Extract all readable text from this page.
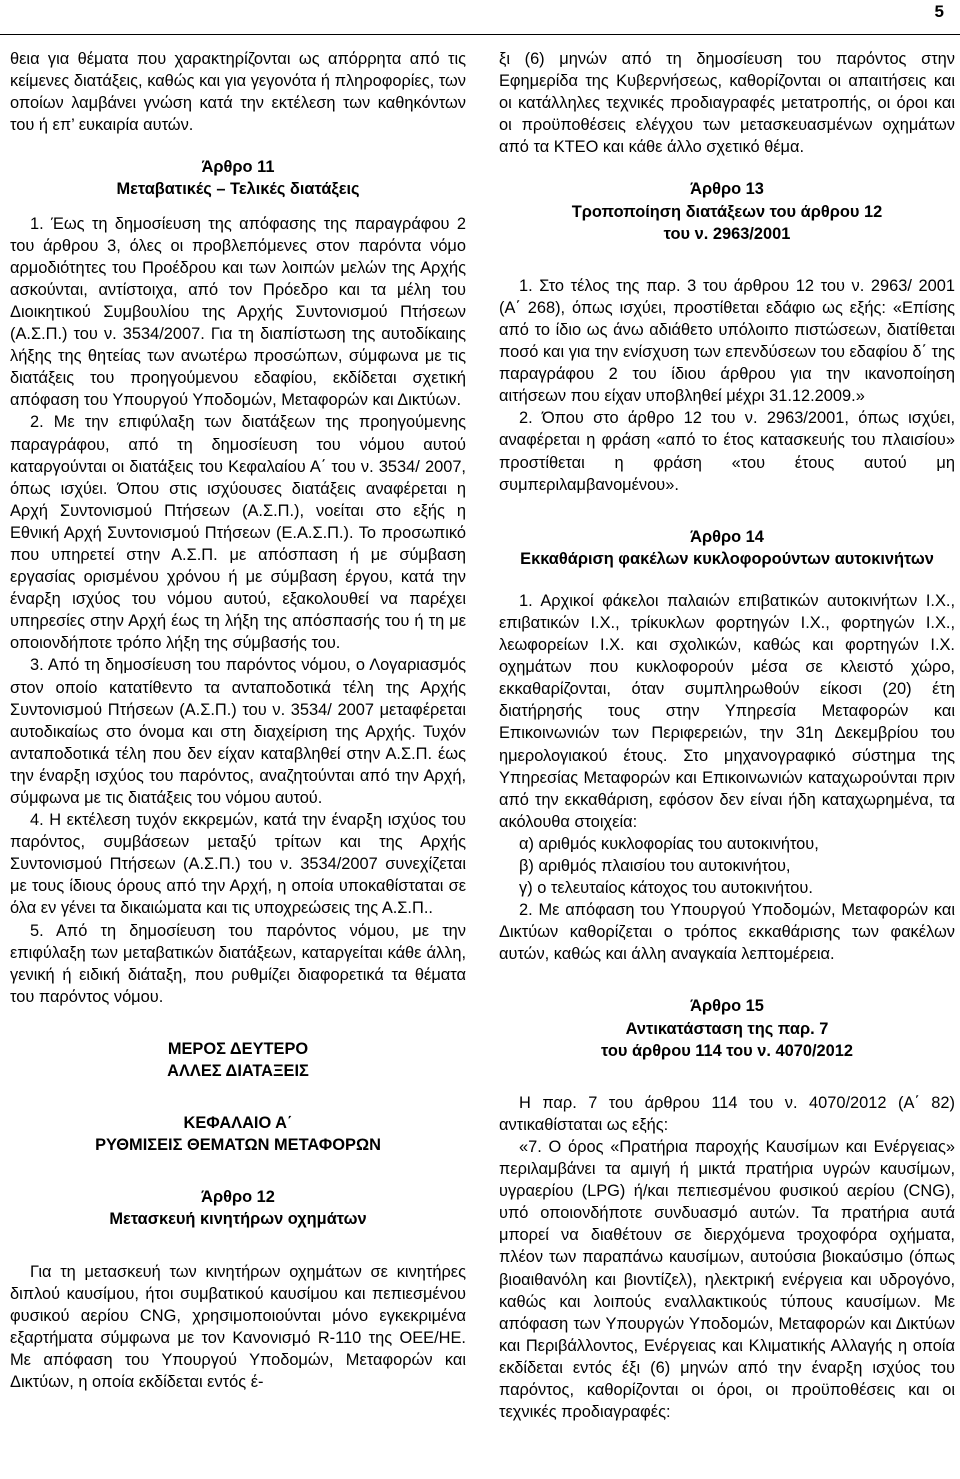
5

θεια για θέματα που χαρακτηρίζονται ως απόρρητα από τις κείμενες διατάξεις, καθώς και για γεγονότα ή πληροφορίες, των οποίων λαμβάνει γνώση κατά την εκτέλεση των καθηκόντων του ή επ’ ευκαιρία αυτών.

Άρθρο 11
Μεταβατικές – Τελικές διατάξεις

1. Έως τη δημοσίευση της απόφασης της παραγράφου 2 του άρθρου 3, όλες οι προβλεπόμενες στον παρόντα νόμο αρμοδιότητες του Προέδρου και των λοιπών μελών της Αρχής ασκούνται, αντίστοιχα, από τον Πρόεδρο και τα μέλη του Διοικητικού Συμβουλίου της Αρχής Συντονισμού Πτήσεων (Α.Σ.Π.) του ν. 3534/2007. Για τη διαπίστωση της αυτοδίκαιης λήξης της θητείας των ανωτέρω προσώπων, σύμφωνα με τις διατάξεις του προηγούμενου εδαφίου, εκδίδεται σχετική απόφαση του Υπουργού Υποδομών, Μεταφορών και Δικτύων.

2. Με την επιφύλαξη των διατάξεων της προηγούμενης παραγράφου, από τη δημοσίευση του νόμου αυτού καταργούνται οι διατάξεις του Κεφαλαίου Α΄ του ν. 3534/ 2007, όπως ισχύει. Όπου στις ισχύουσες διατάξεις αναφέρεται η Αρχή Συντονισμού Πτήσεων (Α.Σ.Π.), νοείται στο εξής η Εθνική Αρχή Συντονισμού Πτήσεων (Ε.Α.Σ.Π.). Το προσωπικό που υπηρετεί στην Α.Σ.Π. με απόσπαση ή με σύμβαση εργασίας ορισμένου χρόνου ή με σύμβαση έργου, κατά την έναρξη ισχύος του νόμου αυτού, εξακολουθεί να παρέχει υπηρεσίες στην Αρχή έως τη λήξη της απόσπασής του ή τη με οποιονδήποτε τρόπο λήξη της σύμβασής του.

3. Από τη δημοσίευση του παρόντος νόμου, ο Λογαριασμός στον οποίο κατατίθεντο τα ανταποδοτικά τέλη της Αρχής Συντονισμού Πτήσεων (Α.Σ.Π.) του ν. 3534/ 2007 μεταφέρεται αυτοδικαίως στο όνομα και στη διαχείριση της Αρχής. Τυχόν ανταποδοτικά τέλη που δεν είχαν καταβληθεί στην Α.Σ.Π. έως την έναρξη ισχύος του παρόντος, αναζητούνται από την Αρχή, σύμφωνα με τις διατάξεις του νόμου αυτού.

4. Η εκτέλεση τυχόν εκκρεμών, κατά την έναρξη ισχύος του παρόντος, συμβάσεων μεταξύ τρίτων και της Αρχής Συντονισμού Πτήσεων (Α.Σ.Π.) του ν. 3534/2007 συνεχίζεται με τους ίδιους όρους από την Αρχή, η οποία υποκαθίσταται σε όλα εν γένει τα δικαιώματα και τις υποχρεώσεις της Α.Σ.Π..

5. Από τη δημοσίευση του παρόντος νόμου, με την επιφύλαξη των μεταβατικών διατάξεων, καταργείται κάθε άλλη, γενική ή ειδική διάταξη, που ρυθμίζει διαφορετικά τα θέματα του παρόντος νόμου.

ΜΕΡΟΣ ΔΕΥΤΕΡΟ
ΑΛΛΕΣ ΔΙΑΤΑΞΕΙΣ
ΚΕΦΑΛΑΙΟ Α΄
ΡΥΘΜΙΣΕΙΣ ΘΕΜΑΤΩΝ ΜΕΤΑΦΟΡΩΝ
Άρθρο 12
Μετασκευή κινητήρων οχημάτων

Για τη μετασκευή των κινητήρων οχημάτων σε κινητήρες διπλού καυσίμου, ήτοι συμβατικού καυσίμου και πεπιεσμένου φυσικού αερίου CNG, χρησιμοποιούνται μόνο εγκεκριμένα εξαρτήματα σύμφωνα με τον Κανονισμό R-110 της ΟΕΕ/ΗΕ. Με απόφαση του Υπουργού Υποδομών, Μεταφορών και Δικτύων, η οποία εκδίδεται εντός έ-

ξι (6) μηνών από τη δημοσίευση του παρόντος στην Εφημερίδα της Κυβερνήσεως, καθορίζονται οι απαιτήσεις και οι κατάλληλες τεχνικές προδιαγραφές μετατροπής, οι όροι και οι προϋποθέσεις ελέγχου των μετασκευασμένων οχημάτων από τα ΚΤΕΟ και κάθε άλλο σχετικό θέμα.

Άρθρο 13
Τροποποίηση διατάξεων του άρθρου 12
του ν. 2963/2001

1. Στο τέλος της παρ. 3 του άρθρου 12 του ν. 2963/ 2001 (Α΄ 268), όπως ισχύει, προστίθεται εδάφιο ως εξής: «Επίσης από το ίδιο ως άνω αδιάθετο υπόλοιπο πιστώσεων, διατίθεται ποσό και για την ενίσχυση των επενδύσεων του εδαφίου δ΄ της παραγράφου 2 του ίδιου άρθρου για την ικανοποίηση αιτήσεων που είχαν υποβληθεί μέχρι 31.12.2009.»

2. Όπου στο άρθρο 12 του ν. 2963/2001, όπως ισχύει, αναφέρεται η φράση «από το έτος κατασκευής του πλαισίου» προστίθεται η φράση «του έτους αυτού μη συμπεριλαμβανομένου».

Άρθρο 14
Εκκαθάριση φακέλων κυκλοφορούντων αυτοκινήτων

1. Αρχικοί φάκελοι παλαιών επιβατικών αυτοκινήτων Ι.Χ., επιβατικών Ι.Χ., τρίκυκλων φορτηγών Ι.Χ., φορτηγών Ι.Χ., λεωφορείων Ι.Χ. και σχολικών, καθώς και φορτηγών Ι.Χ. οχημάτων που κυκλοφορούν μέσα σε κλειστό χώρο, εκκαθαρίζονται, όταν συμπληρωθούν είκοσι (20) έτη διατήρησής τους στην Υπηρεσία Μεταφορών και Επικοινωνιών των Περιφερειών, την 31η Δεκεμβρίου του ημερολογιακού έτους. Στο μηχανογραφικό σύστημα της Υπηρεσίας Μεταφορών και Επικοινωνιών καταχωρούνται πριν από την εκκαθάριση, εφόσον δεν είναι ήδη καταχωρημένα, τα ακόλουθα στοιχεία:

α) αριθμός κυκλοφορίας του αυτοκινήτου,

β) αριθμός πλαισίου του αυτοκινήτου,

γ) ο τελευταίος κάτοχος του αυτοκινήτου.

2. Με απόφαση του Υπουργού Υποδομών, Μεταφορών και Δικτύων καθορίζεται ο τρόπος εκκαθάρισης των φακέλων αυτών, καθώς και άλλη αναγκαία λεπτομέρεια.

Άρθρο 15
Αντικατάσταση της παρ. 7
του άρθρου 114 του ν. 4070/2012

Η παρ. 7 του άρθρου 114 του ν. 4070/2012 (Α΄ 82) αντικαθίσταται ως εξής:

«7. Ο όρος «Πρατήρια παροχής Καυσίμων και Ενέργειας» περιλαμβάνει τα αμιγή ή μικτά πρατήρια υγρών καυσίμων, υγραερίου (LPG) ή/και πεπιεσμένου φυσικού αερίου (CNG), υπό οποιονδήποτε συνδυασμό αυτών. Τα πρατήρια αυτά μπορεί να διαθέτουν σε διερχόμενα τροχοφόρα οχήματα, πλέον των παραπάνω καυσίμων, αυτούσια βιοκαύσιμο (όπως βιοαιθανόλη και βιοντίζελ), ηλεκτρική ενέργεια και υδρογόνο, καθώς και λοιπούς εναλλακτικούς τύπους καυσίμων. Με απόφαση των Υπουργών Υποδομών, Μεταφορών και Δικτύων και Περιβάλλοντος, Ενέργειας και Κλιματικής Αλλαγής η οποία εκδίδεται εντός έξι (6) μηνών από την έναρξη ισχύος του παρόντος, καθορίζονται οι όροι, οι προϋποθέσεις και οι τεχνικές προδιαγραφές:
